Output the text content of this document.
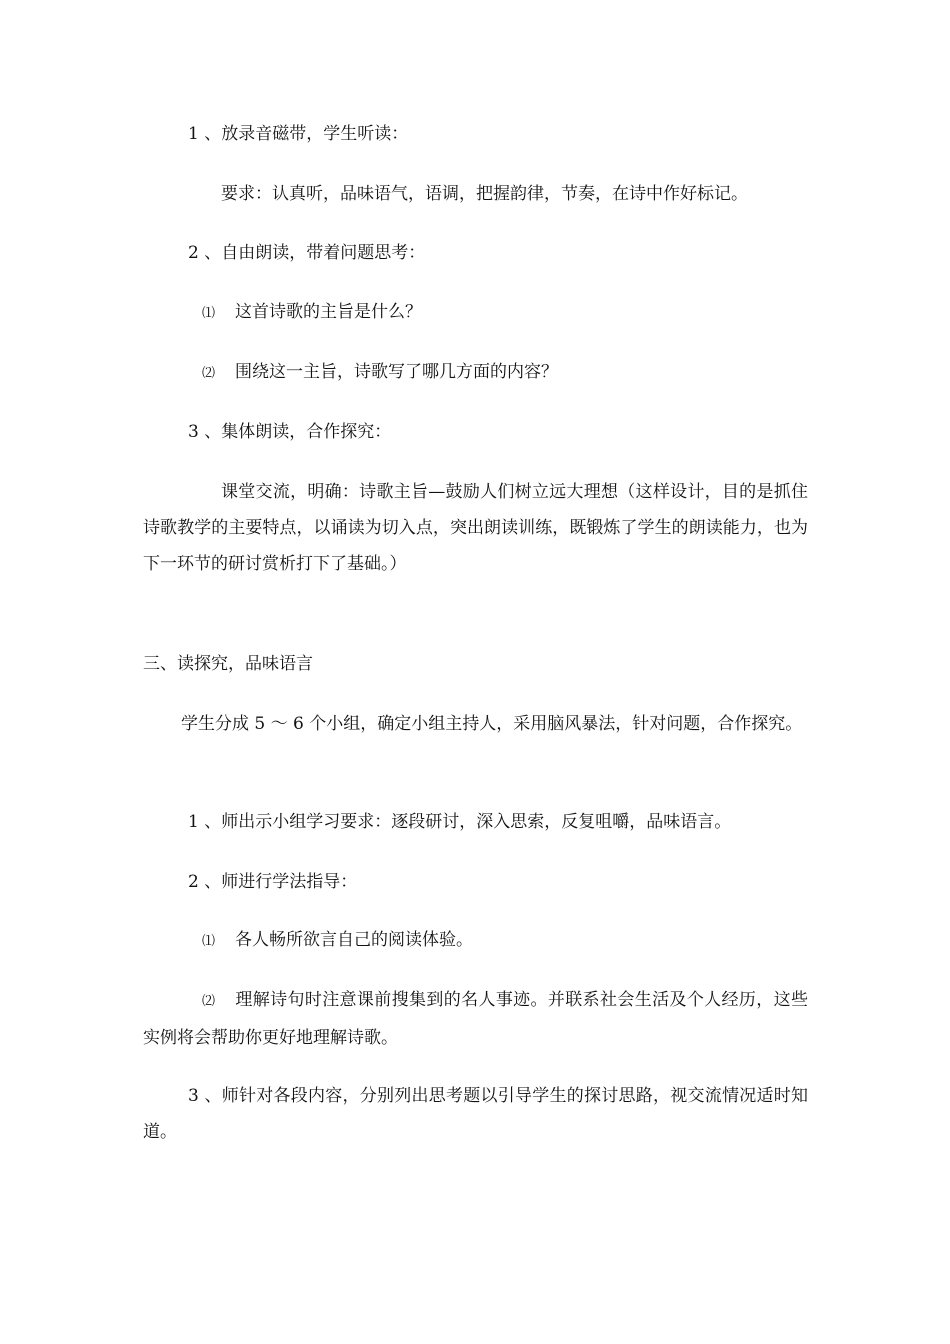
1 、放录音磁带，学生听读：
要求：认真听，品味语气，语调，把握韵律，节奏，在诗中作好标记。
2 、自由朗读，带着问题思考：
⑴ 这首诗歌的主旨是什么？
⑵ 围绕这一主旨，诗歌写了哪几方面的内容？
3 、集体朗读，合作探究：
课堂交流，明确：诗歌主旨—鼓励人们树立远大理想（这样设计，目的是抓住诗歌教学的主要特点，以诵读为切入点，突出朗读训练，既锻炼了学生的朗读能力，也为下一环节的研讨赏析打下了基础。）
三、读探究，品味语言
学生分成 5 ～ 6 个小组，确定小组主持人，采用脑风暴法，针对问题，合作探究。
1 、师出示小组学习要求：逐段研讨，深入思索，反复咀嚼，品味语言。
2 、师进行学法指导：
⑴ 各人畅所欲言自己的阅读体验。
⑵ 理解诗句时注意课前搜集到的名人事迹。并联系社会生活及个人经历，这些实例将会帮助你更好地理解诗歌。
3 、师针对各段内容，分别列出思考题以引导学生的探讨思路，视交流情况适时知道。
